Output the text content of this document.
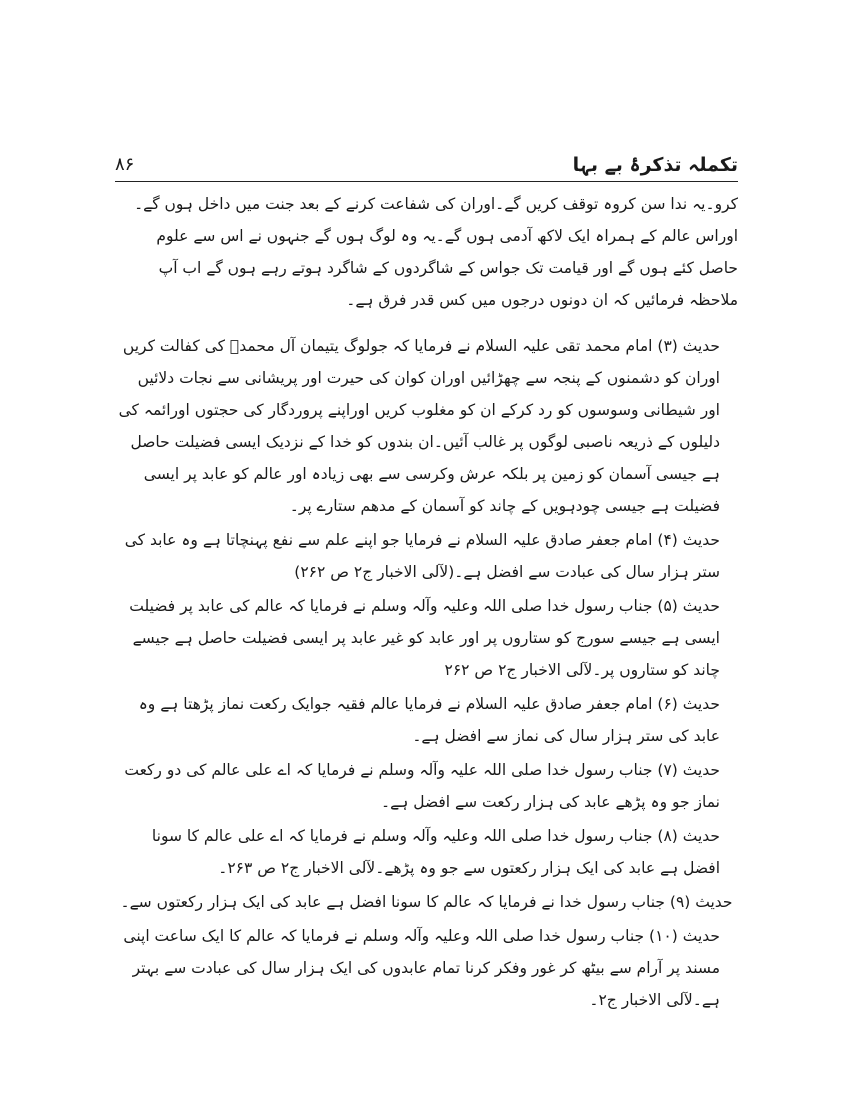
تکملہ تذکرۂ بے بہا
۸۶

کرو۔یہ ندا سن کروہ توقف کریں گے۔اوران کی شفاعت کرنے کے بعد جنت میں داخل ہوں گے۔اوراس عالم کے ہمراہ ایک لاکھ آدمی ہوں گے۔یہ وہ لوگ ہوں گے جنہوں نے اس سے علوم حاصل کئے ہوں گے اور قیامت تک جواس کے شاگردوں کے شاگرد ہوتے رہے ہوں گے اب آپ ملاحظہ فرمائیں کہ ان دونوں درجوں میں کس قدر فرق ہے۔

حدیث (۳) امام محمد تقی علیہ السلام نے فرمایا کہ جولوگ یتیمان آل محمدؐ کی کفالت کریں اوران کو دشمنوں کے پنجہ سے چھڑائیں اوران کوان کی حیرت اور پریشانی سے نجات دلائیں اور شیطانی وسوسوں کو رد کرکے ان کو مغلوب کریں اوراپنے پروردگار کی حجتوں اورائمہ کی دلیلوں کے ذریعہ ناصبی لوگوں پر غالب آئیں۔ان بندوں کو خدا کے نزدیک ایسی فضیلت حاصل ہے جیسی آسمان کو زمین پر بلکہ عرش وکرسی سے بھی زیادہ اور عالم کو عابد پر ایسی فضیلت ہے جیسی چودہویں کے چاند کو آسمان کے مدھم ستارے پر۔

حدیث (۴) امام جعفر صادق علیہ السلام نے فرمایا جو اپنے علم سے نفع پہنچاتا ہے وہ عابد کی ستر ہزار سال کی عبادت سے افضل ہے۔(لآلی الاخبار ج۲ ص ۲۶۲)

حدیث (۵) جناب رسول خدا صلی اللہ وعلیہ وآلہ وسلم نے فرمایا کہ عالم کی عابد پر فضیلت ایسی ہے جیسے سورج کو ستاروں پر اور عابد کو غیر عابد پر ایسی فضیلت حاصل ہے جیسے چاند کو ستاروں پر۔لآلی الاخبار ج۲ ص ۲۶۲

حدیث (۶) امام جعفر صادق علیہ السلام نے فرمایا عالم فقیہ جوایک رکعت نماز پڑھتا ہے وہ عابد کی ستر ہزار سال کی نماز سے افضل ہے۔

حدیث (۷) جناب رسول خدا صلی اللہ علیہ وآلہ وسلم نے فرمایا کہ اے علی عالم کی دو رکعت نماز جو وہ پڑھے عابد کی ہزار رکعت سے افضل ہے۔

حدیث (۸) جناب رسول خدا صلی اللہ وعلیہ وآلہ وسلم نے فرمایا کہ اے علی عالم کا سونا افضل ہے عابد کی ایک ہزار رکعتوں سے جو وہ پڑھے۔لآلی الاخبار ج۲ ص ۲۶۳۔

حدیث (۹) جناب رسول خدا نے فرمایا کہ عالم کا سونا افضل ہے عابد کی ایک ہزار رکعتوں سے۔

حدیث (۱۰) جناب رسول خدا صلی اللہ وعلیہ وآلہ وسلم نے فرمایا کہ عالم کا ایک ساعت اپنی مسند پر آرام سے بیٹھ کر غور وفکر کرنا تمام عابدوں کی ایک ہزار سال کی عبادت سے بہتر ہے۔لآلی الاخبار ج۲۔
